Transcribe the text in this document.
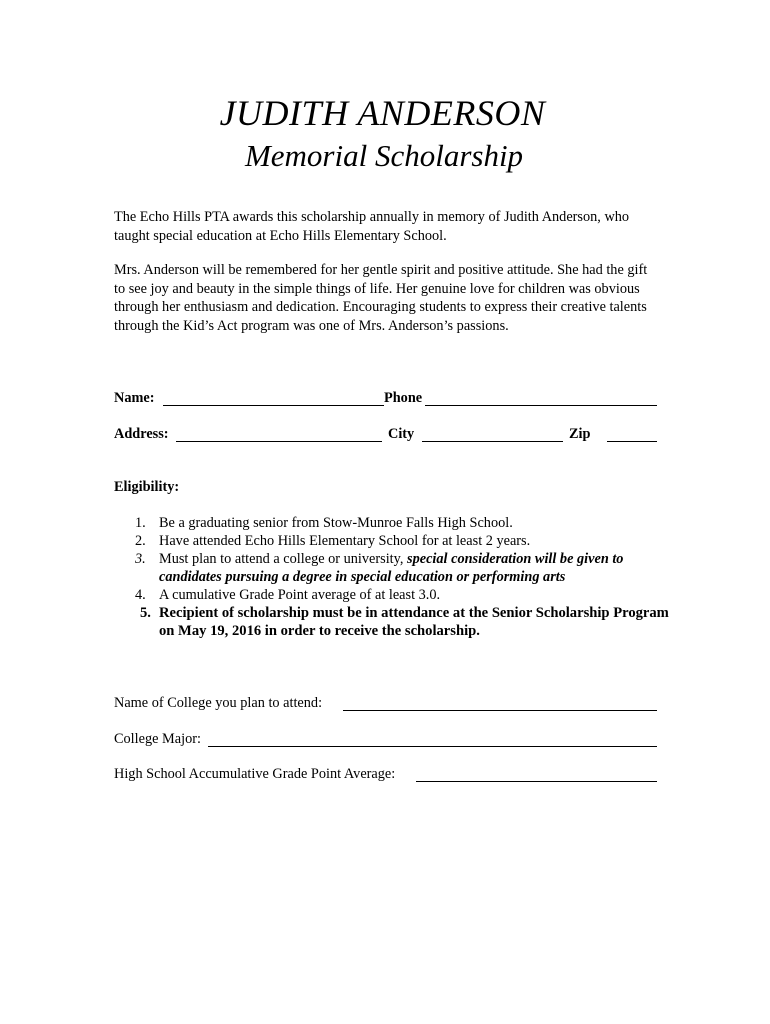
JUDITH ANDERSON
Memorial Scholarship
The Echo Hills PTA awards this scholarship annually in memory of Judith Anderson, who taught special education at Echo Hills Elementary School.
Mrs. Anderson will be remembered for her gentle spirit and positive attitude. She had the gift to see joy and beauty in the simple things of life. Her genuine love for children was obvious through her enthusiasm and dedication. Encouraging students to express their creative talents through the Kid’s Act program was one of Mrs. Anderson’s passions.
Name:	Phone
Address:	City	Zip
Eligibility:
1. Be a graduating senior from Stow-Munroe Falls High School.
2. Have attended Echo Hills Elementary School for at least 2 years.
3. Must plan to attend a college or university, special consideration will be given to candidates pursuing a degree in special education or performing arts
4. A cumulative Grade Point average of at least 3.0.
5. Recipient of scholarship must be in attendance at the Senior Scholarship Program on May 19, 2016 in order to receive the scholarship.
Name of College you plan to attend:
College Major:
High School Accumulative Grade Point Average:
